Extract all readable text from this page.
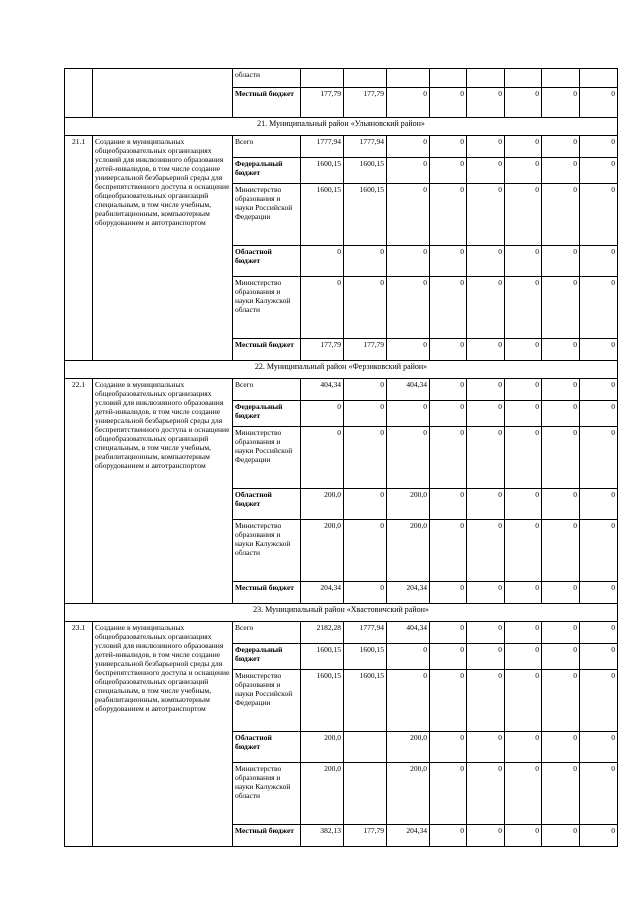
		области								
		Местный бюджет	177,79	177,79	0	0	0	0	0	0
21. Муниципальный район «Ульяновский район»										
21.1	Создание в муниципальных общеобразовательных организациях условий для инклюзивного образования детей-инвалидов, в том числе создание универсальной безбарьерной среды для беспрепятственного доступа и оснащение общеобразовательных организаций специальным, в том числе учебным, реабилитационным, компьютерным оборудованием и автотранспортом	Всего	1777,94	1777,94	0	0	0	0	0	0
		Федеральный бюджет	1600,15	1600,15	0	0	0	0	0	0
		Министерство образования и науки Российской Федерации	1600,15	1600,15	0	0	0	0	0	0
		Областной бюджет	0	0	0	0	0	0	0	0
		Министерство образования и науки Калужской области	0	0	0	0	0	0	0	0
		Местный бюджет	177,79	177,79	0	0	0	0	0	0
22. Муниципальный район «Ферзиковский район»										
22.1	Создание в муниципальных общеобразовательных организациях условий для инклюзивного образования детей-инвалидов, в том числе создание универсальной безбарьерной среды для беспрепятственного доступа и оснащение общеобразовательных организаций специальным, в том числе учебным, реабилитационным, компьютерным оборудованием и автотранспортом	Всего	404,34	0	404,34	0	0	0	0	0
		Федеральный бюджет	0	0	0	0	0	0	0	0
		Министерство образования и науки Российской Федерации	0	0	0	0	0	0	0	0
		Областной бюджет	200,0	0	200,0	0	0	0	0	0
		Министерство образования и науки Калужской области	200,0	0	200,0	0	0	0	0	0
		Местный бюджет	204,34	0	204,34	0	0	0	0	0
23. Муниципальный район «Хвастовичский район»										
23.1	Создание в муниципальных общеобразовательных организациях условий для инклюзивного образования детей-инвалидов, в том числе создание универсальной безбарьерной среды для беспрепятственного доступа и оснащение общеобразовательных организаций специальным, в том числе учебным, реабилитационным, компьютерным оборудованием и автотранспортом	Всего	2182,28	1777,94	404,34	0	0	0	0	0
		Федеральный бюджет	1600,15	1600,15	0	0	0	0	0	0
		Министерство образования и науки Российской Федерации	1600,15	1600,15	0	0	0	0	0	0
		Областной бюджет	200,0		200,0	0	0	0	0	0
		Министерство образования и науки Калужской области	200,0		200,0	0	0	0	0	0
		Местный бюджет	382,13	177,79	204,34	0	0	0	0	0
